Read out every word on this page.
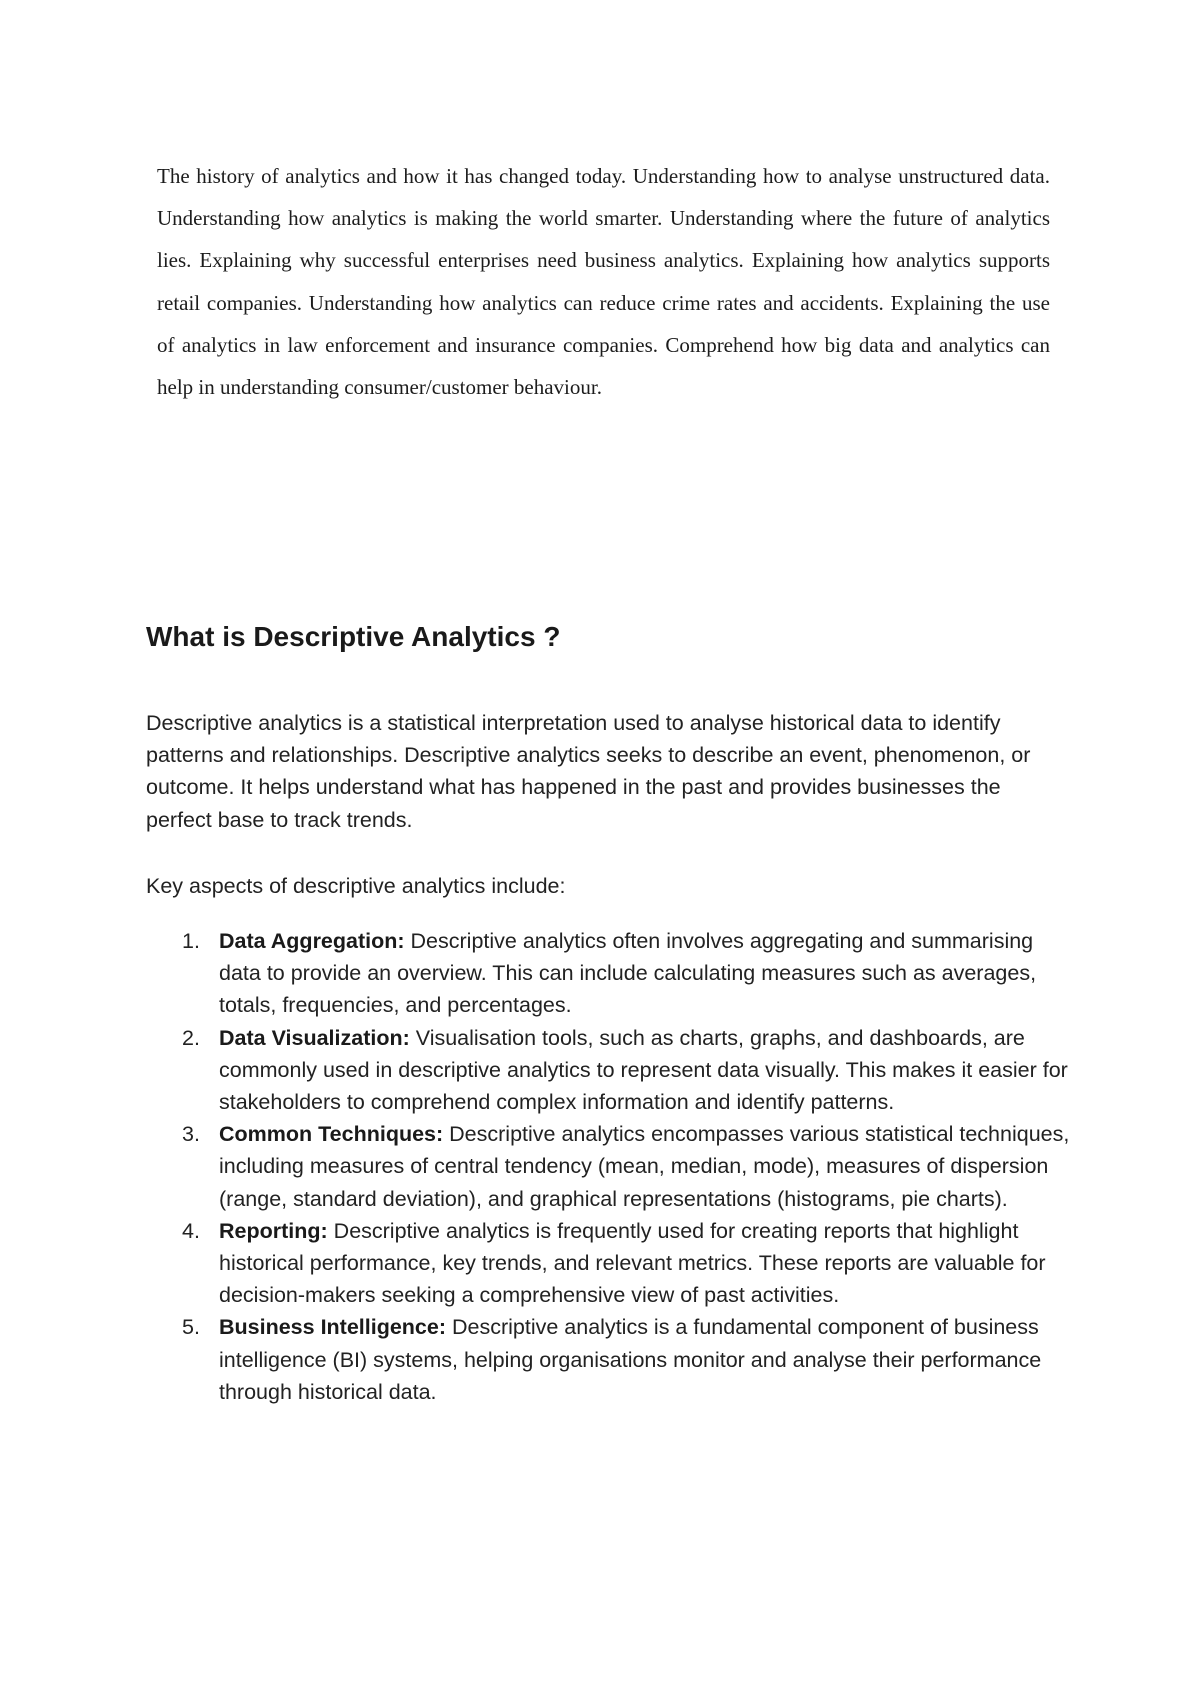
The history of analytics and how it has changed today. Understanding how to analyse unstructured data. Understanding how analytics is making the world smarter. Understanding where the future of analytics lies. Explaining why successful enterprises need business analytics. Explaining how analytics supports retail companies. Understanding how analytics can reduce crime rates and accidents. Explaining the use of analytics in law enforcement and insurance companies. Comprehend how big data and analytics can help in understanding consumer/customer behaviour.

What is Descriptive Analytics ?

Descriptive analytics is a statistical interpretation used to analyse historical data to identify patterns and relationships. Descriptive analytics seeks to describe an event, phenomenon, or outcome. It helps understand what has happened in the past and provides businesses the perfect base to track trends.

Key aspects of descriptive analytics include:

1. Data Aggregation: Descriptive analytics often involves aggregating and summarising data to provide an overview. This can include calculating measures such as averages, totals, frequencies, and percentages.
2. Data Visualization: Visualisation tools, such as charts, graphs, and dashboards, are commonly used in descriptive analytics to represent data visually. This makes it easier for stakeholders to comprehend complex information and identify patterns.
3. Common Techniques: Descriptive analytics encompasses various statistical techniques, including measures of central tendency (mean, median, mode), measures of dispersion (range, standard deviation), and graphical representations (histograms, pie charts).
4. Reporting: Descriptive analytics is frequently used for creating reports that highlight historical performance, key trends, and relevant metrics. These reports are valuable for decision-makers seeking a comprehensive view of past activities.
5. Business Intelligence: Descriptive analytics is a fundamental component of business intelligence (BI) systems, helping organisations monitor and analyse their performance through historical data.
